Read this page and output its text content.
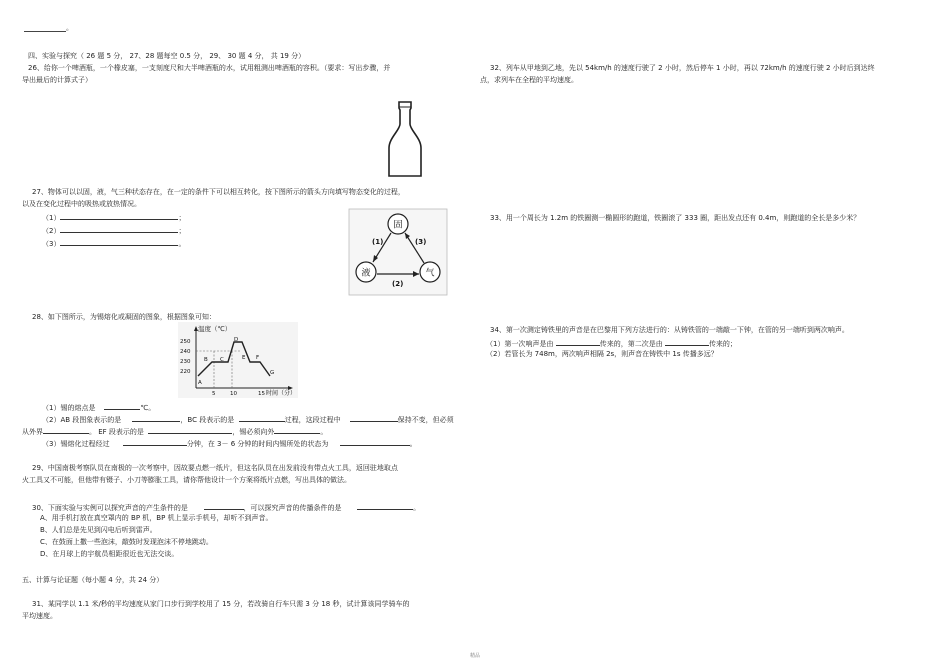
。
四、实验与探究（ 26 题 5 分， 27、28 题每空 0.5 分， 29、 30 题 4 分， 共 19 分）
26、给你一个啤酒瓶，一个橡皮塞，一支刻度尺和大半啤酒瓶的水，试用粗测出啤酒瓶的容积。（要求：写出步骤，并
导出最后的计算式子）
27、物体可以以固，液，气三种状态存在，在一定的条件下可以相互转化，按下图所示的箭头方向填写物态变化的过程，
以及在变化过程中的吸热或放热情况。
（1）	；
（2）	；
（3）	。
固
液	气
(1)	(3)
(2)
28、如下图所示，为锡熔化或凝固的图象，根据图象可知：
温度（℃）
250
240
230
220
A
B C
D
E F
G
5	10	15 时间（分）
（1）锡的熔点是	℃。
（2）AB 段图象表示的是	，BC 段表示的是	过程，这段过程中	保持不变，但必须
从外界	。 EF 段表示的是	，锡必须向外	。
（3）锡熔化过程经过	分钟，在 3－ 6 分钟的时间内锡所处的状态为	。
29、中国南极考察队员在南极的一次考察中，因故要点燃一纸片，但这名队员在出发前没有带点火工具，返回驻地取点
火工具又不可能，但他带有镊子、小刀等膨胀工具，请你帮他设计一个方案将纸片点燃，写出具体的做法。
30、下面实验与实例可以探究声音的产生条件的是	，可以探究声音的传播条件的是	。
A、用手机打放在真空罩内的 BP 机，BP 机上显示手机号，却听不到声音。
B、人们总是先见到闪电后听到雷声。
C、在鼓面上撒一些泡沫，敲鼓时发现泡沫不停地跳动。
D、在月球上的宇航员相距很近也无法交谈。
五、计算与论证题（每小题 4 分，共 24 分）
31、某同学以 1.1 米/秒的平均速度从家门口步行到学校用了 15 分，若改骑自行车只需 3 分 18 秒，试计算该同学骑车的
平均速度。
32、列车从甲地到乙地，先以 54km/h 的速度行驶了 2 小时，然后停车 1 小时，再以 72km/h 的速度行驶 2 小时后到达终
点，求列车在全程的平均速度。
33、用一个周长为 1.2m 的铁圈测一椭圆形的跑道，铁圈滚了 333 圈，距出发点还有 0.4m，则跑道的全长是多少米？
34、第一次测定铸铁里的声音是在巴黎用下列方法进行的：从铸铁管的一端敲一下钟，在管的另一端听到两次响声。
（1）第一次响声是由	传来的，第二次是由	传来的；
（2）若管长为 748m，两次响声相隔 2s，则声音在铸铁中 1s 传播多远？
精品
